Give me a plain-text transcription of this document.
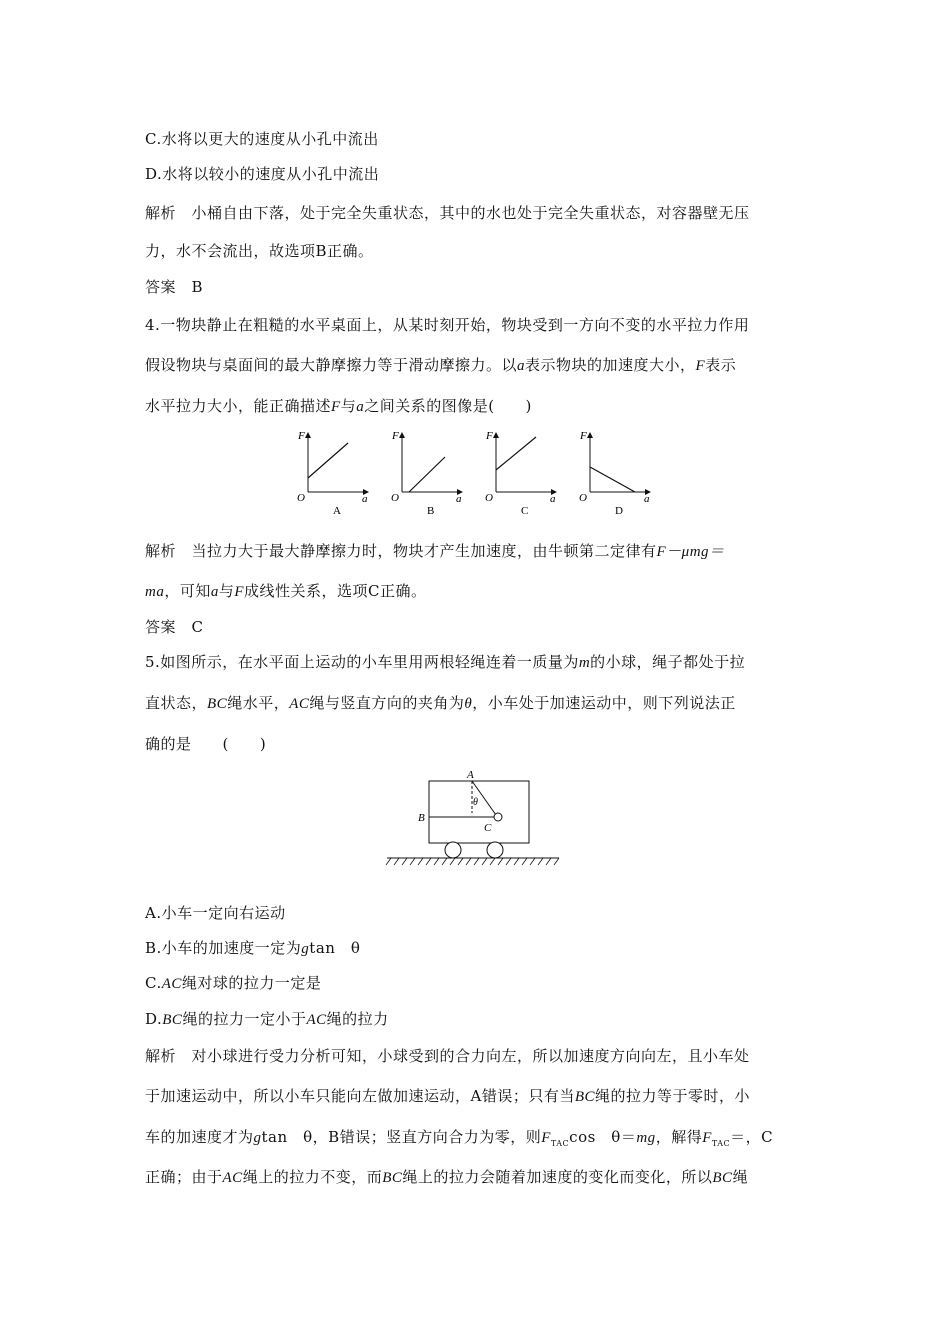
C.水将以更大的速度从小孔中流出
D.水将以较小的速度从小孔中流出
解析　小桶自由下落，处于完全失重状态，其中的水也处于完全失重状态，对容器壁无压
力，水不会流出，故选项B正确。
答案　B
4.一物块静止在粗糙的水平桌面上，从某时刻开始，物块受到一方向不变的水平拉力作用
假设物块与桌面间的最大静摩擦力等于滑动摩擦力。以a表示物块的加速度大小，F表示
水平拉力大小，能正确描述F与a之间关系的图像是(　　)
F
O	a
A
F
O	a
B
F
O	a
C
F
O	a
D
解析　当拉力大于最大静摩擦力时，物块才产生加速度，由牛顿第二定律有F－μmg＝
ma，可知a与F成线性关系，选项C正确。
答案　C
5.如图所示，在水平面上运动的小车里用两根轻绳连着一质量为m的小球，绳子都处于拉
直状态，BC绳水平，AC绳与竖直方向的夹角为θ，小车处于加速运动中，则下列说法正
确的是　　(　　)
A
B
C
θ
A.小车一定向右运动
B.小车的加速度一定为gtan　θ
C.AC绳对球的拉力一定是
D.BC绳的拉力一定小于AC绳的拉力
解析　对小球进行受力分析可知，小球受到的合力向左，所以加速度方向向左，且小车处
于加速运动中，所以小车只能向左做加速运动，A错误；只有当BC绳的拉力等于零时，小
车的加速度才为gtan　θ，B错误；竖直方向合力为零，则$F_{TAC}\cos$　θ＝mg，解得$F_{TAC}=$，C
正确；由于AC绳上的拉力不变，而BC绳上的拉力会随着加速度的变化而变化，所以BC绳
